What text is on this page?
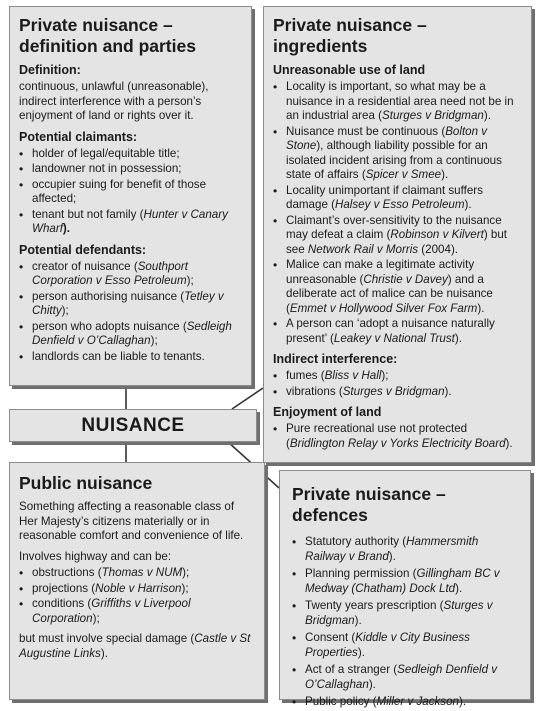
Private nuisance –
definition and parties
Definition:

continuous, unlawful (unreasonable), indirect interference with a person’s enjoyment of land or rights over it.

Potential claimants:
• holder of legal/equitable title;
• landowner not in possession;
• occupier suing for benefit of those affected;
• tenant but not family (Hunter v Canary Wharf).
Potential defendants:
• creator of nuisance (Southport Corporation v Esso Petroleum);
• person authorising nuisance (Tetley v Chitty);
• person who adopts nuisance (Sedleigh Denfield v O’Callaghan);
• landlords can be liable to tenants.
Private nuisance – ingredients
Unreasonable use of land
• Locality is important, so what may be a nuisance in a residential area need not be in an industrial area (Sturges v Bridgman).
• Nuisance must be continuous (Bolton v Stone), although liability possible for an isolated incident arising from a continuous state of affairs (Spicer v Smee).
• Locality unimportant if claimant suffers damage (Halsey v Esso Petroleum).
• Claimant’s over-sensitivity to the nuisance may defeat a claim (Robinson v Kilvert) but see Network Rail v Morris (2004).
• Malice can make a legitimate activity unreasonable (Christie v Davey) and a deliberate act of malice can be nuisance (Emmet v Hollywood Silver Fox Farm).
• A person can ‘adopt a nuisance naturally present’ (Leakey v National Trust).
Indirect interference:
• fumes (Bliss v Hall);
• vibrations (Sturges v Bridgman).
Enjoyment of land
• Pure recreational use not protected (Bridlington Relay v Yorks Electricity Board).
NUISANCE
Public nuisance

Something affecting a reasonable class of Her Majesty’s citizens materially or in reasonable comfort and convenience of life.

Involves highway and can be:

• obstructions (Thomas v NUM);
• projections (Noble v Harrison);
• conditions (Griffiths v Liverpool Corporation);

but must involve special damage (Castle v St Augustine Links).

Private nuisance – defences
• Statutory authority (Hammersmith Railway v Brand).
• Planning permission (Gillingham BC v Medway (Chatham) Dock Ltd).
• Twenty years prescription (Sturges v Bridgman).
• Consent (Kiddle v City Business Properties).
• Act of a stranger (Sedleigh Denfield v O’Callaghan).
• Public policy (Miller v Jackson).
